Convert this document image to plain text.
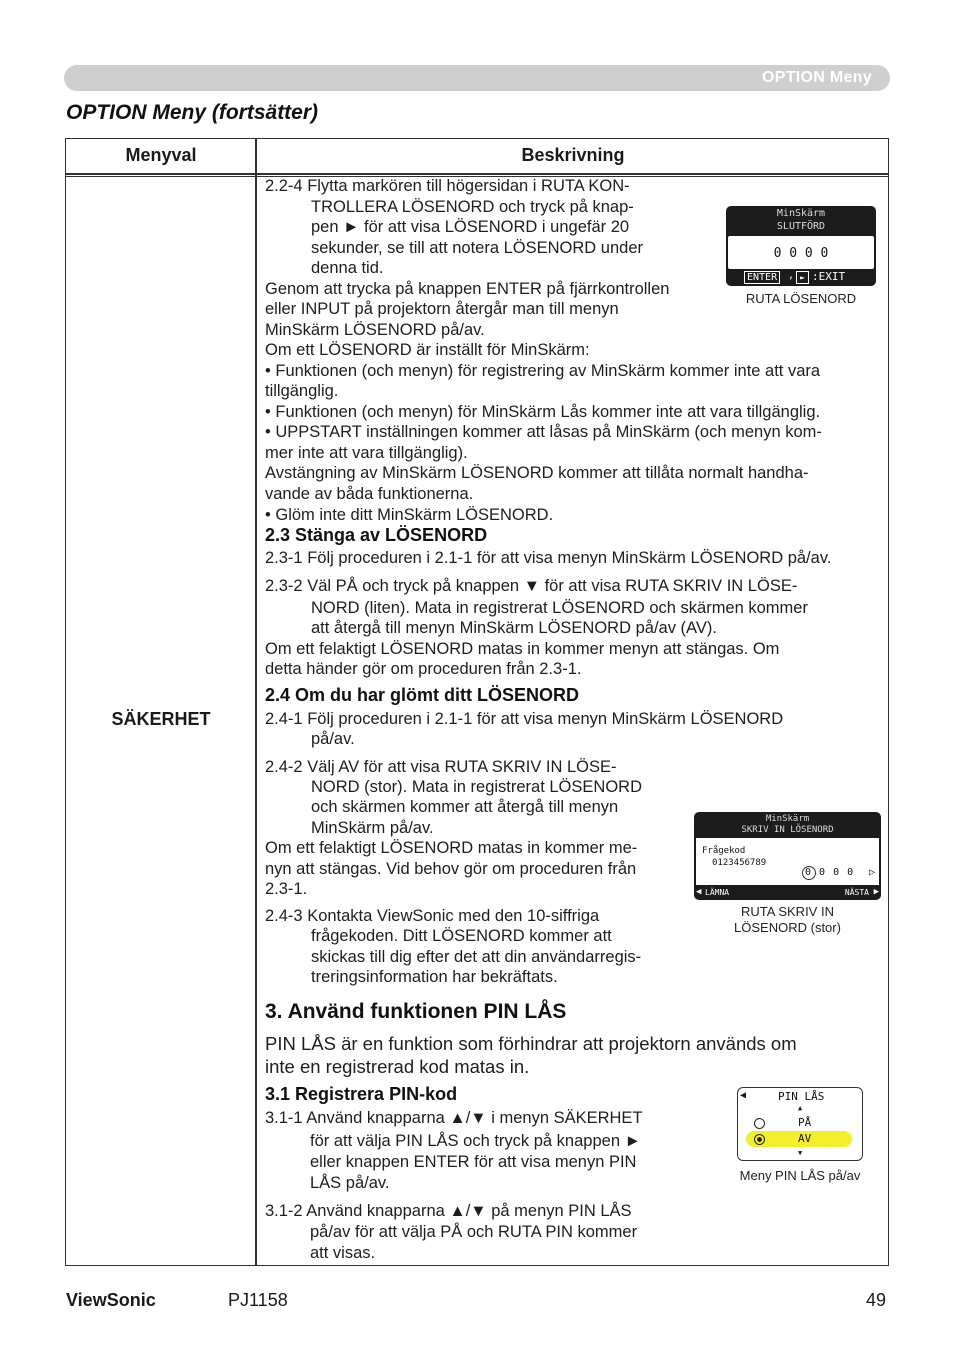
OPTION Meny
OPTION Meny (fortsätter)
Menyval	Beskrivning
SÄKERHET
2.2-4 Flytta markören till högersidan i RUTA KON-
TROLLERA LÖSENORD och tryck på knap-
pen ► för att visa LÖSENORD i ungefär 20
sekunder, se till att notera LÖSENORD under
denna tid.
Genom att trycka på knappen ENTER på fjärrkontrollen
eller INPUT på projektorn återgår man till menyn
MinSkärm LÖSENORD på/av.
Om ett LÖSENORD är inställt för MinSkärm:
• Funktionen (och menyn) för registrering av MinSkärm kommer inte att vara
tillgänglig.
• Funktionen (och menyn) för MinSkärm Lås kommer inte att vara tillgänglig.
• UPPSTART inställningen kommer att låsas på MinSkärm (och menyn kom-
mer inte att vara tillgänglig).
Avstängning av MinSkärm LÖSENORD kommer att tillåta normalt handha-
vande av båda funktionerna.
• Glöm inte ditt MinSkärm LÖSENORD.
2.3 Stänga av LÖSENORD
2.3-1 Följ proceduren i 2.1-1 för att visa menyn MinSkärm LÖSENORD på/av.
2.3-2 Väl PÅ och tryck på knappen ▼ för att visa RUTA SKRIV IN LÖSE-
NORD (liten). Mata in registrerat LÖSENORD och skärmen kommer
att återgå till menyn MinSkärm LÖSENORD på/av (AV).
Om ett felaktigt LÖSENORD matas in kommer menyn att stängas. Om
detta händer gör om proceduren från 2.3-1.
2.4 Om du har glömt ditt LÖSENORD
2.4-1 Följ proceduren i 2.1-1 för att visa menyn MinSkärm LÖSENORD
på/av.
2.4-2 Välj AV för att visa RUTA SKRIV IN LÖSE-
NORD (stor). Mata in registrerat LÖSENORD
och skärmen kommer att återgå till menyn
MinSkärm på/av.
Om ett felaktigt LÖSENORD matas in kommer me-
nyn att stängas. Vid behov gör om proceduren från
2.3-1.
2.4-3 Kontakta ViewSonic med den 10-siffriga
frågekoden. Ditt LÖSENORD kommer att
skickas till dig efter det att din användarregis-
treringsinformation har bekräftats.
3. Använd funktionen PIN LÅS
PIN LÅS är en funktion som förhindrar att projektorn används om
inte en registrerad kod matas in.
3.1 Registrera PIN-kod
3.1-1 Använd knapparna ▲/▼ i menyn SÄKERHET
för att välja PIN LÅS och tryck på knappen ►
eller knappen ENTER för att visa menyn PIN
LÅS på/av.
3.1-2 Använd knapparna ▲/▼ på menyn PIN LÅS
på/av för att välja PÅ och RUTA PIN kommer
att visas.
MinSkärm
SLUTFÖRD
0 0 0 0
ENTER	, ► :EXIT
RUTA LÖSENORD
MinSkärm
SKRIV IN LÖSENORD
Frågekod
0123456789
0 0 0 0 ▷
◀ LÄMNA	NÄSTA ▶
RUTA SKRIV IN
LÖSENORD (stor)
◀	PIN LÅS
▲
PÅ
AV
▼
Meny PIN LÅS på/av
ViewSonic	PJ1158	49
